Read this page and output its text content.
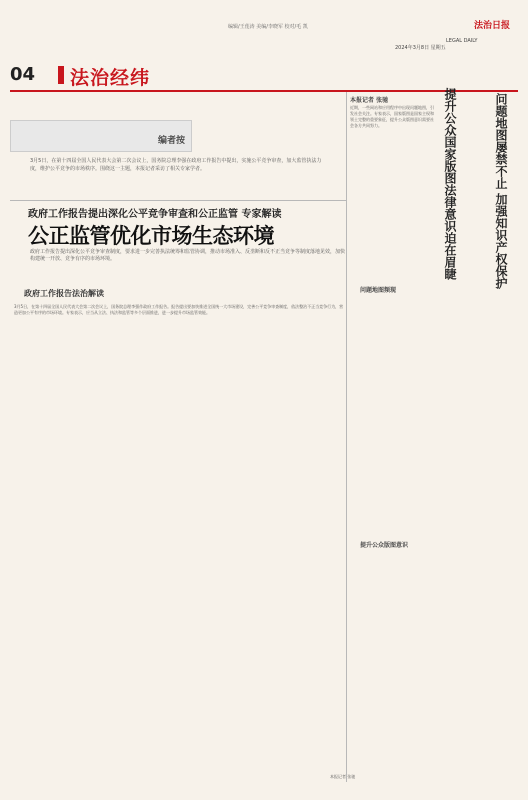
04 法治经纬
法治日报
编辑/王莲涛 美编/李晓军 校对/毛 凯
LEGAL DAILY
2024年3月8日 星期五
编者按
3月5日，在第十四届全国人民代表大会第二次会议上，国务院总理李强在政府工作报告中提出，实施公平竞争审查，加大监管执法力度，维护公平竞争的市场秩序。围绕这一主题，本报记者采访了相关专家学者。
政府工作报告提出深化公平竞争审查和公正监管 专家解读
公正监管优化市场生态环境
政府工作报告提出深化公平竞争审查制度，要求进一步完善执法统筹和监管协调，推动市场准入、反垄断和反不正当竞争等制度落地见效，加快构建统一开放、竞争有序的市场环境。
政府工作报告法治解读
3月5日，在第十四届全国人民代表大会第二次会议上，国务院总理李强作政府工作报告。报告提出要加快推进全国统一大市场建设，完善公平竞争审查制度，依法整治不正当竞争行为，营造更加公平有序的市场环境。专家表示，应当从立法、执法和监管等多个层面推进，进一步提升市场监管效能。
提升公众国家版图法律意识迫在眉睫	问题地图屡禁不止 加强知识产权保护
本报记者 张驰
问题地图频现
提升公众版图意识
近期，一些网站和应用程序中出现问题地图，引发社会关注。专家表示，国家版图是国家主权和领土完整的重要象征，提升公众版图意识需要社会各方共同努力。
本报记者 张驰
